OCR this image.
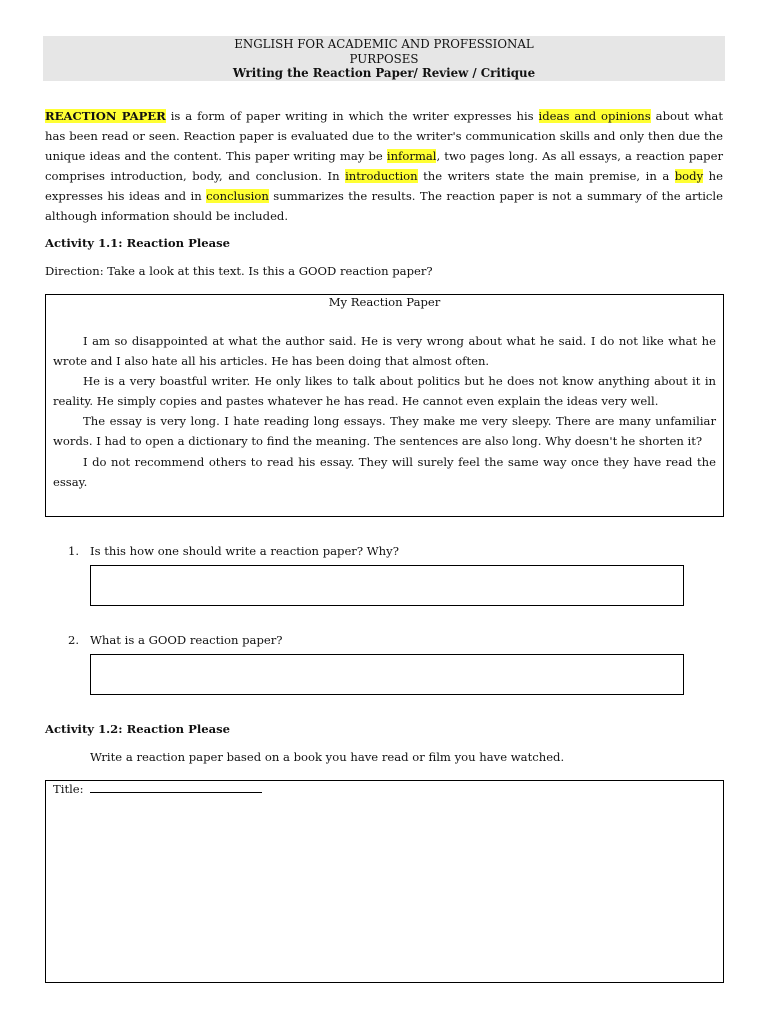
ENGLISH FOR ACADEMIC AND PROFESSIONAL
PURPOSES
Writing the Reaction Paper/ Review / Critique
REACTION PAPER is a form of paper writing in which the writer expresses his ideas and opinions about what has been read or seen. Reaction paper is evaluated due to the writer's communication skills and only then due the unique ideas and the content. This paper writing may be informal, two pages long. As all essays, a reaction paper comprises introduction, body, and conclusion. In introduction the writers state the main premise, in a body he expresses his ideas and in conclusion summarizes the results. The reaction paper is not a summary of the article although information should be included.
Activity 1.1: Reaction Please
Direction: Take a look at this text. Is this a GOOD reaction paper?
My Reaction Paper

I am so disappointed at what the author said. He is very wrong about what he said. I do not like what he wrote and I also hate all his articles. He has been doing that almost often.

He is a very boastful writer. He only likes to talk about politics but he does not know anything about it in reality. He simply copies and pastes whatever he has read. He cannot even explain the ideas very well.

The essay is very long. I hate reading long essays. They make me very sleepy. There are many unfamiliar words. I had to open a dictionary to find the meaning. The sentences are also long. Why doesn't he shorten it?

I do not recommend others to read his essay. They will surely feel the same way once they have read the essay.

1. Is this how one should write a reaction paper? Why?
2. What is a GOOD reaction paper?
Activity 1.2: Reaction Please
Write a reaction paper based on a book you have read or film you have watched.
Title:
